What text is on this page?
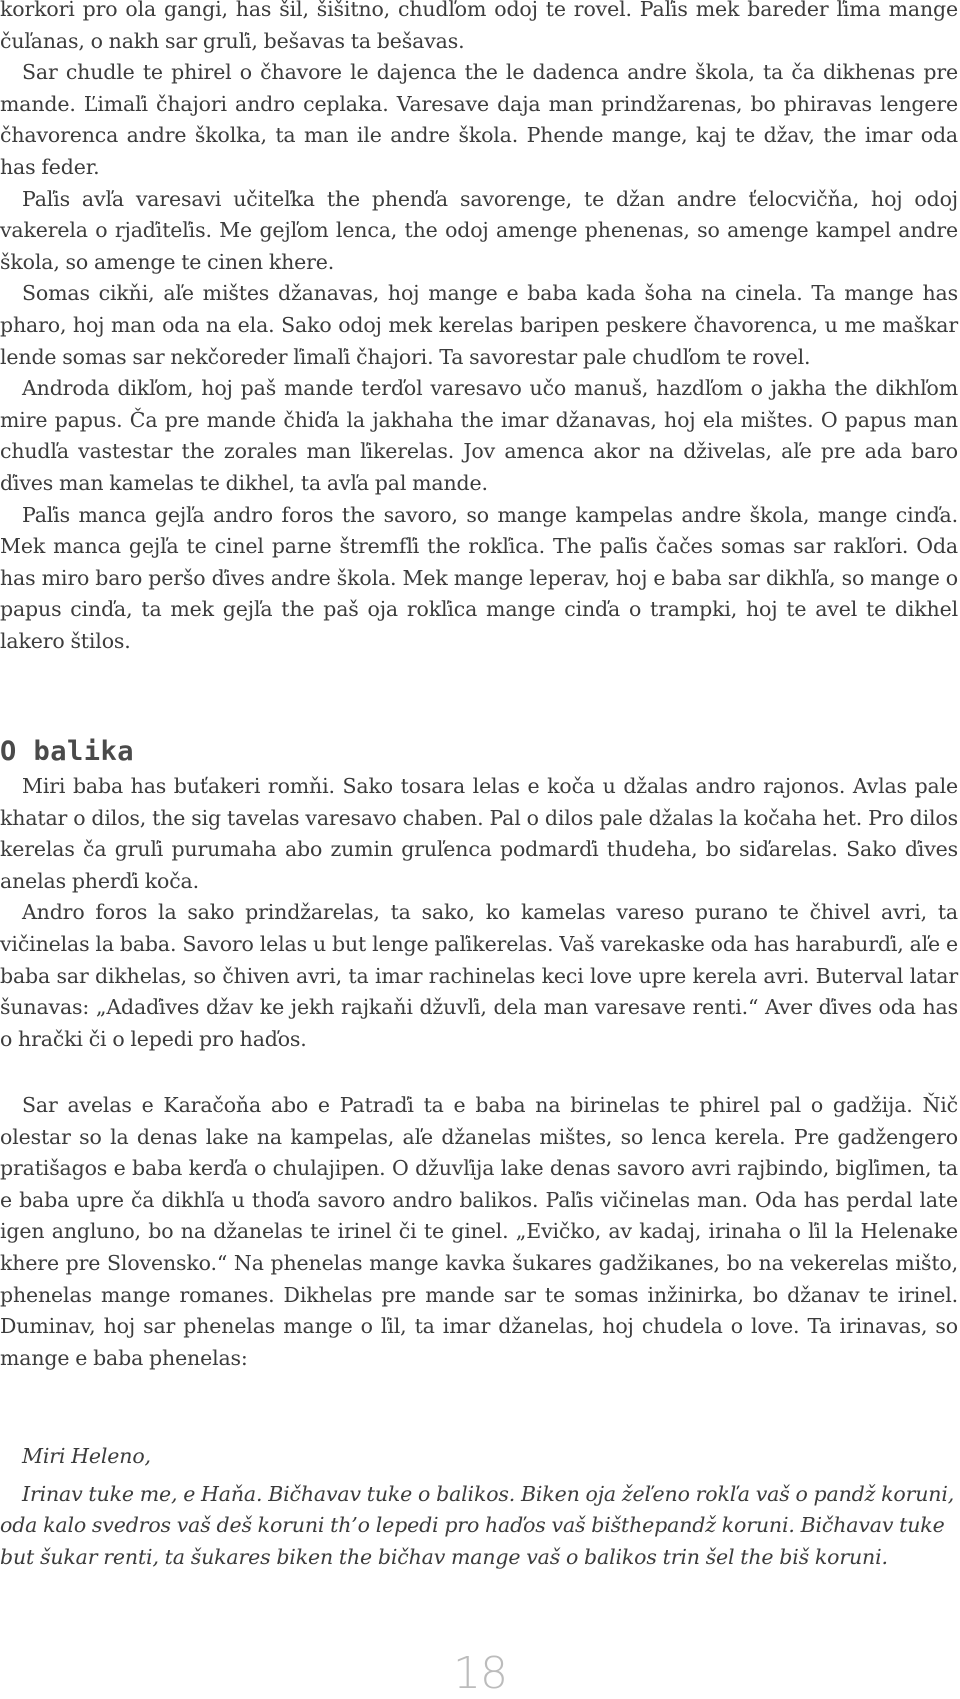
korkori pro ola gangi, has šil, šišitno, chudľom odoj te rovel. Paľis mek bareder ľima mange čuľanas, o nakh sar gruľi, bešavas ta bešavas.

Sar chudle te phirel o čhavore le dajenca the le dadenca andre škola, ta ča dikhenas pre mande. Ľimaľi čhajori andro ceplaka. Varesave daja man prindžarenas, bo phiravas lengere čhavorenca andre školka, ta man ile andre škola. Phende mange, kaj te džav, the imar oda has feder.

Paľis avľa varesavi učiteľka the phenďa savorenge, te džan andre ťelocvičňa, hoj odoj vakerela o rjaďiteľis. Me gejľom lenca, the odoj amenge phenenas, so amenge kampel andre škola, so amenge te cinen khere.

Somas cikňi, aľe mištes džanavas, hoj mange e baba kada šoha na cinela. Ta mange has pharo, hoj man oda na ela. Sako odoj mek kerelas baripen peskere čhavorenca, u me maškar lende somas sar nekčoreder ľimaľi čhajori. Ta savorestar pale chudľom te rovel.

Androda dikľom, hoj paš mande terďol varesavo učo manuš, hazdľom o jakha the dikhľom mire papus. Ča pre mande čhiďa la jakhaha the imar džanavas, hoj ela mištes. O papus man chudľa vastestar the zorales man ľikerelas. Jov amenca akor na dživelas, aľe pre ada baro ďives man kamelas te dikhel, ta avľa pal mande.

Paľis manca gejľa andro foros the savoro, so mange kampelas andre škola, mange cinďa. Mek manca gejľa te cinel parne štremfľi the rokľica. The paľis čačes somas sar rakľori. Oda has miro baro peršo ďives andre škola. Mek mange leperav, hoj e baba sar dikhľa, so mange o papus cinďa, ta mek gejľa the paš oja rokľica mange cinďa o trampki, hoj te avel te dikhel lakero štilos.

O balika

Miri baba has buťakeri romňi. Sako tosara lelas e koča u džalas andro rajonos. Avlas pale khatar o dilos, the sig tavelas varesavo chaben. Pal o dilos pale džalas la kočaha het. Pro dilos kerelas ča gruľi purumaha abo zumin gruľenca podmarďi thudeha, bo siďarelas. Sako ďives anelas pherďi koča.

Andro foros la sako prindžarelas, ta sako, ko kamelas vareso purano te čhivel avri, ta vičinelas la baba. Savoro lelas u but lenge paľikerelas. Vaš varekaske oda has haraburďi, aľe e baba sar dikhelas, so čhiven avri, ta imar rachinelas keci love upre kerela avri. Buterval latar šunavas: „Adaďives džav ke jekh rajkaňi džuvľi, dela man varesave renti.“ Aver ďives oda has o hrački či o lepedi pro haďos.

Sar avelas e Karačoňa abo e Patraďi ta e baba na birinelas te phirel pal o gadžija. Ňič olestar so la denas lake na kampelas, aľe džanelas mištes, so lenca kerela. Pre gadžengero pratišagos e baba kerďa o chulajipen. O džuvľija lake denas savoro avri rajbindo, bigľimen, ta e baba upre ča dikhľa u thoďa savoro andro balikos. Paľis vičinelas man. Oda has perdal late igen angluno, bo na džanelas te irinel či te ginel. „Evičko, av kadaj, irinaha o ľil la Helenake khere pre Slovensko.“ Na phenelas mange kavka šukares gadžikanes, bo na vekerelas mišto, phenelas mange romanes. Dikhelas pre mande sar te somas inžinirka, bo džanav te irinel. Duminav, hoj sar phenelas mange o ľil, ta imar džanelas, hoj chudela o love. Ta irinavas, so mange e baba phenelas:

Miri Heleno,

Irinav tuke me, e Haňa. Bičhavav tuke o balikos. Biken oja žeľeno rokľa vaš o pandž koruni, oda kalo svedros vaš deš koruni th’o lepedi pro haďos vaš bišthepandž koruni. Bičhavav tuke but šukar renti, ta šukares biken the bičhav mange vaš o balikos trin šel the biš koruni.

18
